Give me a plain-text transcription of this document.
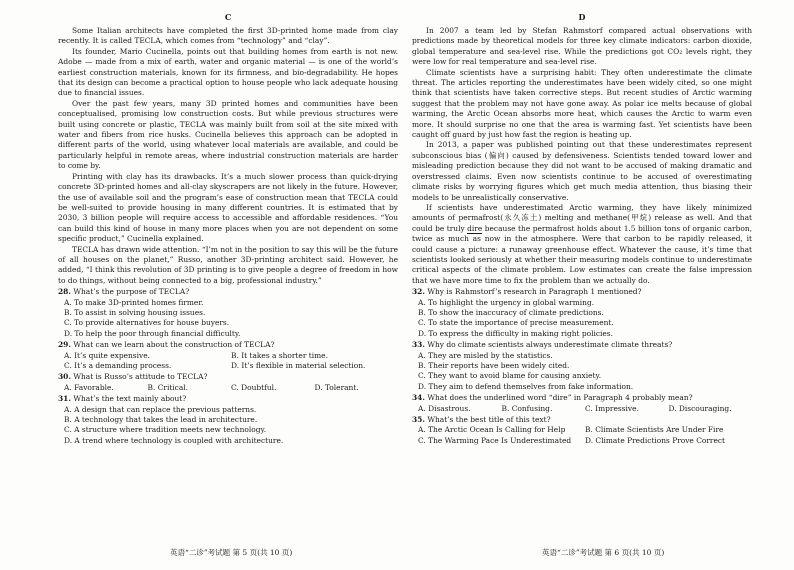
C

Some Italian architects have completed the first 3D-printed home made from clay recently. It is called TECLA, which comes from “technology” and “clay”.

Its founder, Mario Cucinella, points out that building homes from earth is not new. Adobe — made from a mix of earth, water and organic material — is one of the world’s earliest construction materials, known for its firmness, and bio-degradability. He hopes that its design can become a practical option to house people who lack adequate housing due to financial issues.

Over the past few years, many 3D printed homes and communities have been conceptualised, promising low construction costs. But while previous structures were built using concrete or plastic, TECLA was mainly built from soil at the site mixed with water and fibers from rice husks. Cucinella believes this approach can be adopted in different parts of the world, using whatever local materials are available, and could be particularly helpful in remote areas, where industrial construction materials are harder to come by.

Printing with clay has its drawbacks. It’s a much slower process than quick-drying concrete 3D-printed homes and all-clay skyscrapers are not likely in the future. However, the use of available soil and the program’s ease of construction mean that TECLA could be well-suited to provide housing in many different countries. It is estimated that by 2030, 3 billion people will require access to accessible and affordable residences. “You can build this kind of house in many more places when you are not dependent on some specific product,” Cucinella explained.

TECLA has drawn wide attention. “I’m not in the position to say this will be the future of all houses on the planet,” Russo, another 3D-printing architect said. However, he added, “I think this revolution of 3D printing is to give people a degree of freedom in how to do things, without being connected to a big, professional industry.”

28. What’s the purpose of TECLA?
A. To make 3D-printed homes firmer.
B. To assist in solving housing issues.
C. To provide alternatives for house buyers.
D. To help the poor through financial difficulty.
29. What can we learn about the construction of TECLA?
A. It’s quite expensive.	B. It takes a shorter time.
C. It’s a demanding process.	D. It’s flexible in material selection.
30. What is Russo’s attitude to TECLA?
A. Favorable.	B. Critical.	C. Doubtful.	D. Tolerant.
31. What’s the text mainly about?
A. A design that can replace the previous patterns.
B. A technology that takes the lead in architecture.
C. A structure where tradition meets new technology.
D. A trend where technology is coupled with architecture.
D

In 2007 a team led by Stefan Rahmstorf compared actual observations with predictions made by theoretical models for three key climate indicators: carbon dioxide, global temperature and sea-level rise. While the predictions got CO₂ levels right, they were low for real temperature and sea-level rise.

Climate scientists have a surprising habit: They often underestimate the climate threat. The articles reporting the underestimates have been widely cited, so one might think that scientists have taken corrective steps. But recent studies of Arctic warming suggest that the problem may not have gone away. As polar ice melts because of global warming, the Arctic Ocean absorbs more heat, which causes the Arctic to warm even more. It should surprise no one that the area is warming fast. Yet scientists have been caught off guard by just how fast the region is heating up.

In 2013, a paper was published pointing out that these underestimates represent subconscious bias (偏向) caused by defensiveness. Scientists tended toward lower and misleading prediction because they did not want to be accused of making dramatic and overstressed claims. Even now scientists continue to be accused of overestimating climate risks by worrying figures which get much media attention, thus biasing their models to be unrealistically conservative.

If scientists have underestimated Arctic warming, they have likely minimized amounts of permafrost(永久冻土) melting and methane(甲烷) release as well. And that could be truly dire because the permafrost holds about 1.5 billion tons of organic carbon, twice as much as now in the atmosphere. Were that carbon to be rapidly released, it could cause a picture: a runaway greenhouse effect. Whatever the cause, it’s time that scientists looked seriously at whether their measuring models continue to underestimate critical aspects of the climate problem. Low estimates can create the false impression that we have more time to fix the problem than we actually do.

32. Why is Rahmstorf’s research in Paragraph 1 mentioned?
A. To highlight the urgency in global warming.
B. To show the inaccuracy of climate predictions.
C. To state the importance of precise measurement.
D. To express the difficulty in making right policies.
33. Why do climate scientists always underestimate climate threats?
A. They are misled by the statistics.
B. Their reports have been widely cited.
C. They want to avoid blame for causing anxiety.
D. They aim to defend themselves from fake information.
34. What does the underlined word “dire” in Paragraph 4 probably mean?
A. Disastrous.	B. Confusing.	C. Impressive.	D. Discouraging.
35. What’s the best title of this text?
A. The Arctic Ocean Is Calling for Help	B. Climate Scientists Are Under Fire
C. The Warming Pace Is Underestimated	D. Climate Predictions Prove Correct
英语“二诊”考试题 第 5 页(共 10 页)	英语“二诊”考试题 第 6 页(共 10 页)
